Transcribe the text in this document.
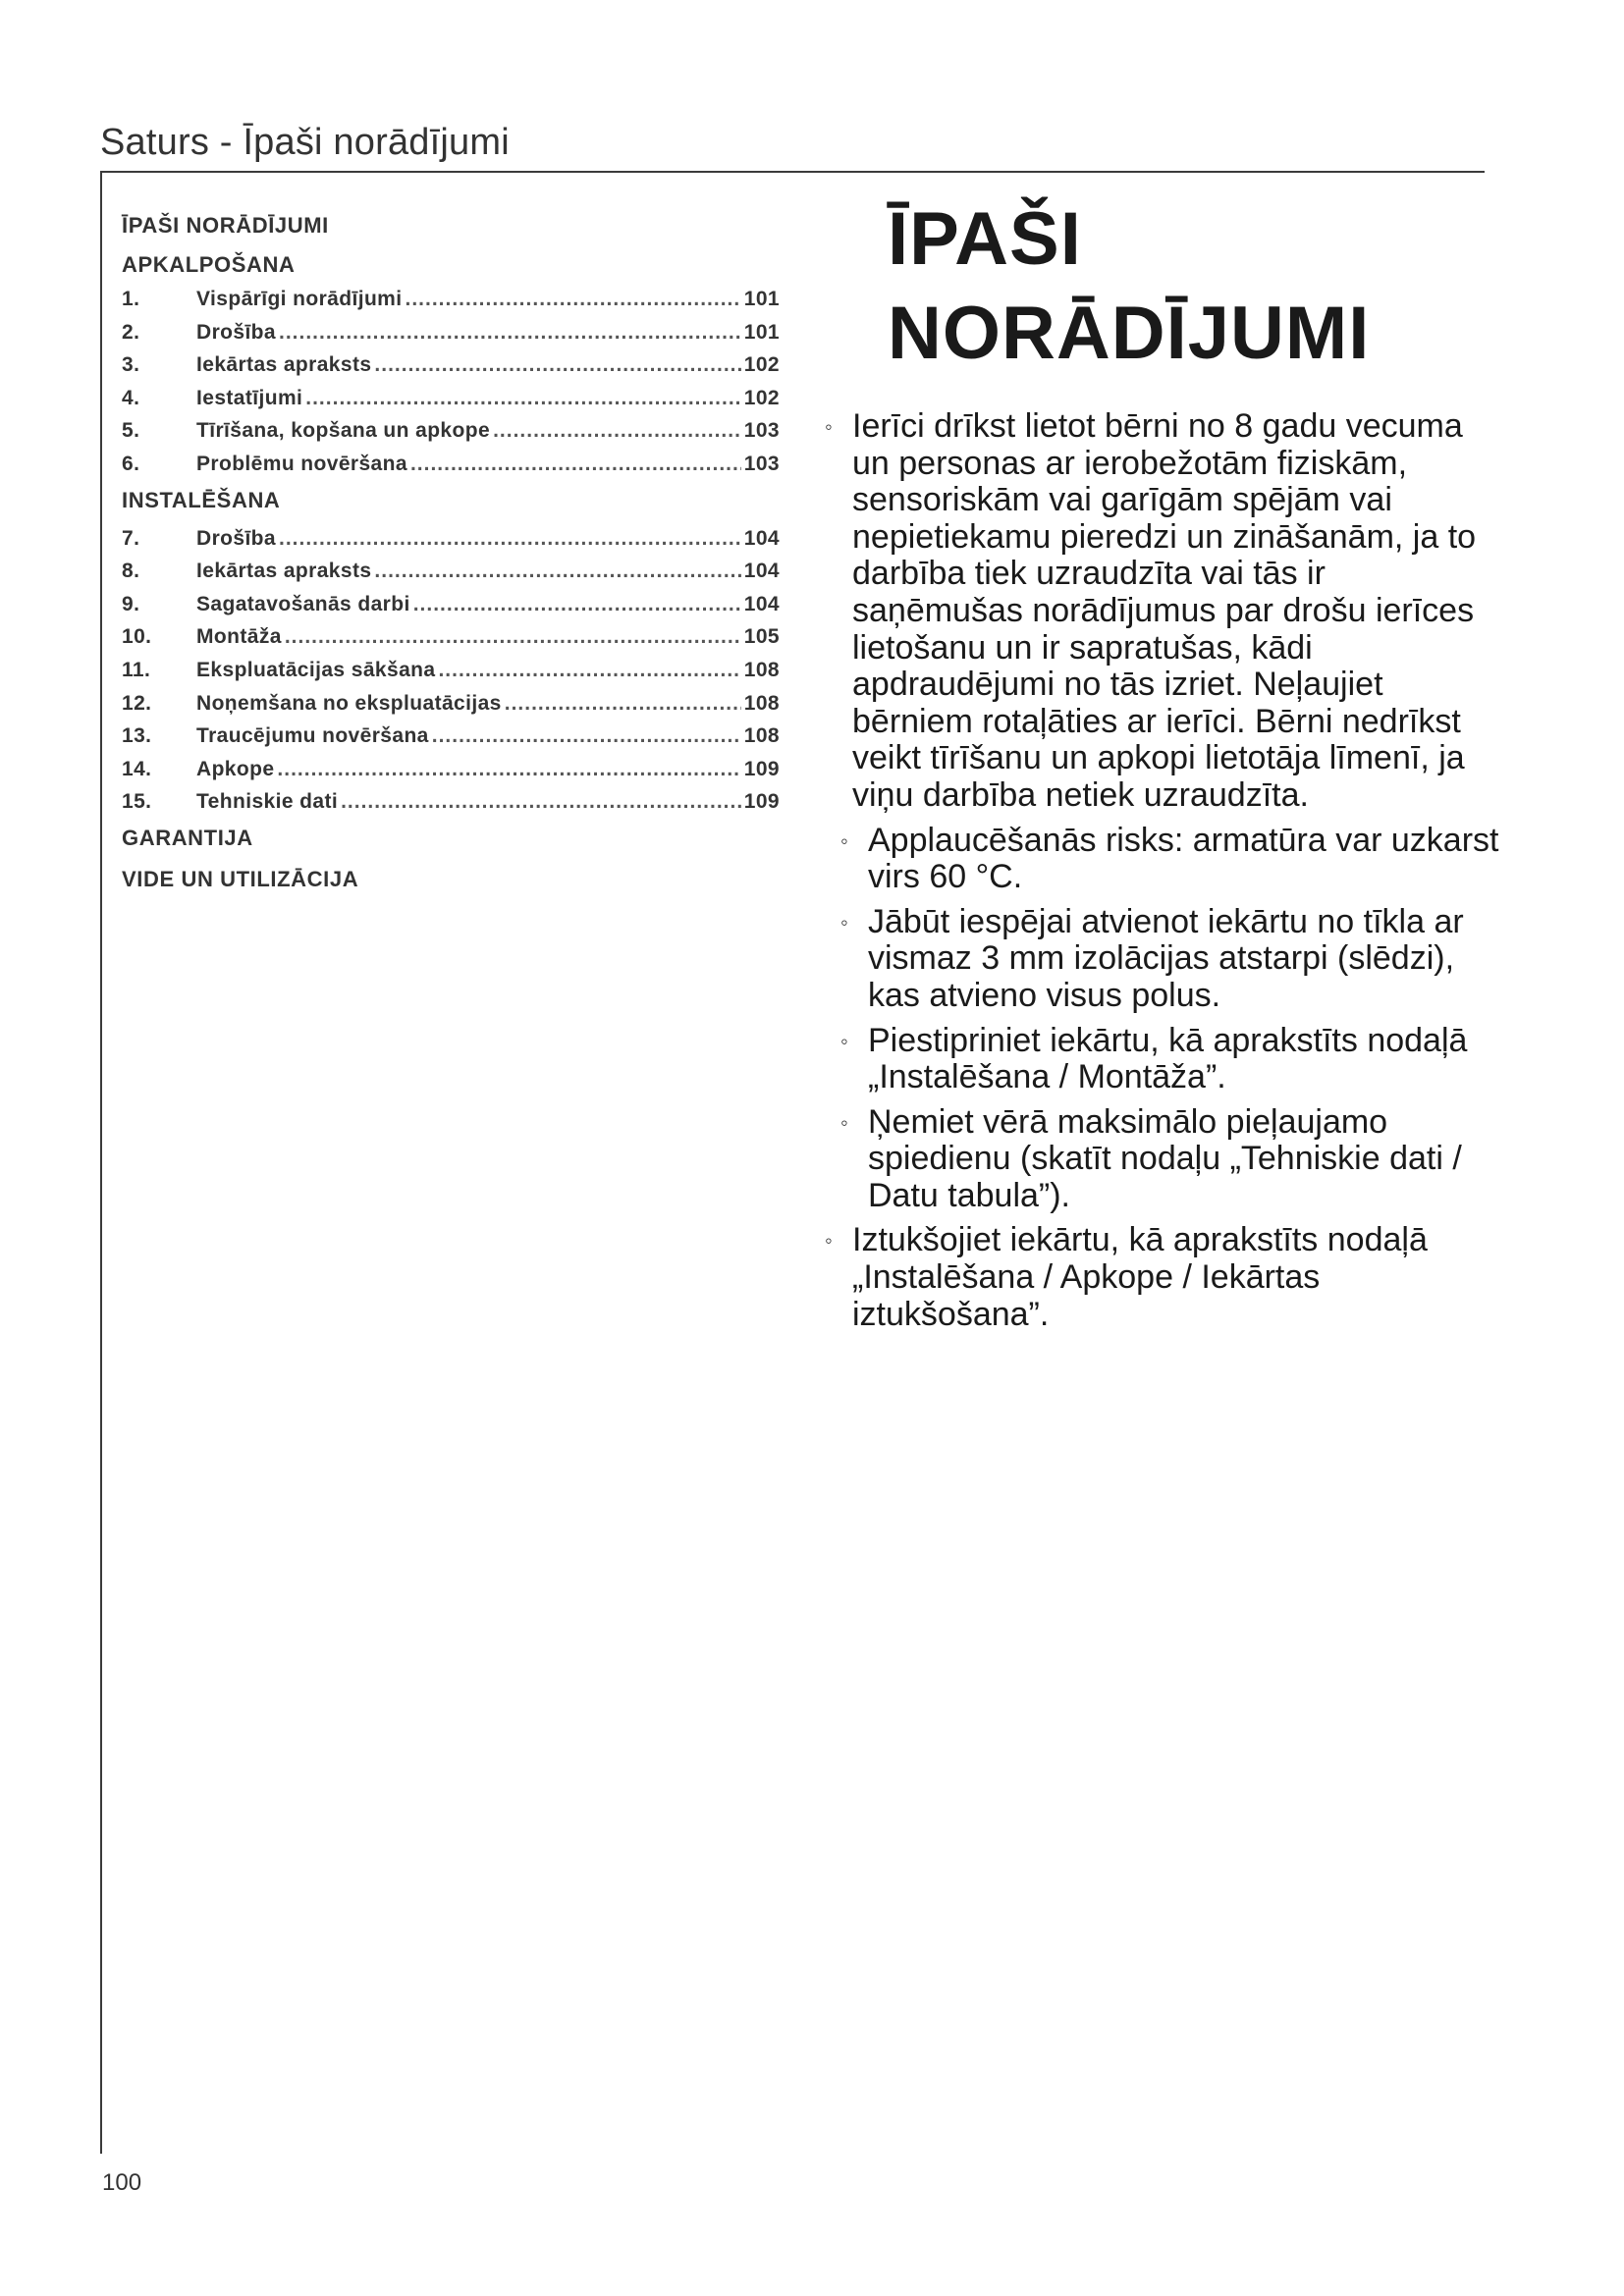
Saturs - Īpaši norādījumi
ĪPAŠI NORĀDĪJUMI
APKALPOŠANA
1.	Vispārīgi norādījumi .....	101
2.	Drošība .....	101
3.	Iekārtas apraksts .....	102
4.	Iestatījumi .....	102
5.	Tīrīšana, kopšana un apkope .....	103
6.	Problēmu novēršana .....	103
INSTALĒŠANA
7.	Drošība .....	104
8.	Iekārtas apraksts .....	104
9.	Sagatavošanās darbi .....	104
10.	Montāža .....	105
11.	Ekspluatācijas sākšana .....	108
12.	Noņemšana no ekspluatācijas .....	108
13.	Traucējumu novēršana .....	108
14.	Apkope .....	109
15.	Tehniskie dati .....	109
GARANTIJA
VIDE UN UTILIZĀCIJA
ĪPAŠI
NORĀDĪJUMI
◦ Ierīci drīkst lietot bērni no 8 gadu vecuma un personas ar ierobežotām fiziskām, sensoriskām vai garīgām spējām vai nepietiekamu pieredzi un zināšanām, ja to darbība tiek uzraudzīta vai tās ir saņēmušas norādījumus par drošu ierīces lietošanu un ir sapratušas, kādi apdraudējumi no tās izriet. Neļaujiet bērniem rotaļāties ar ierīci. Bērni nedrīkst veikt tīrīšanu un apkopi lietotāja līmenī, ja viņu darbība netiek uzraudzīta.
◦ Applaucēšanās risks: armatūra var uzkarst virs 60 °C.
◦ Jābūt iespējai atvienot iekārtu no tīkla ar vismaz 3 mm izolācijas atstarpi (slēdzi), kas atvieno visus polus.
◦ Piestipriniet iekārtu, kā aprakstīts nodaļā „Instalēšana / Montāža”.
◦ Ņemiet vērā maksimālo pieļaujamo spiedienu (skatīt nodaļu „Tehniskie dati / Datu tabula”).
◦ Iztukšojiet iekārtu, kā aprakstīts nodaļā „Instalēšana / Apkope / Iekārtas iztukšošana”.
100
